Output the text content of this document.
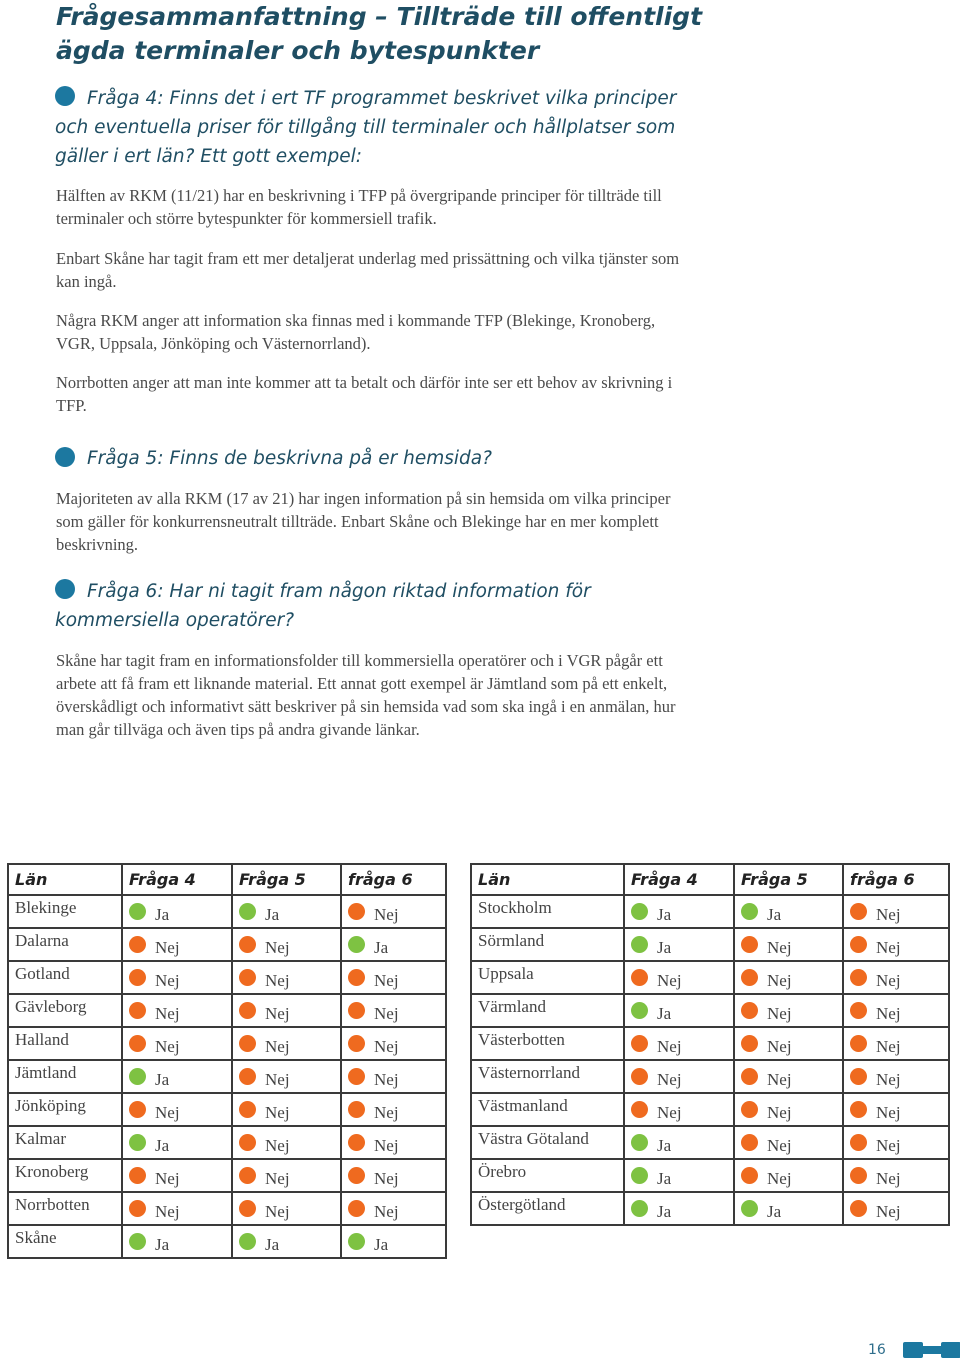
Frågesammanfattning – Tillträde till offentligt ägda terminaler och bytespunkter

Fråga 4: Finns det i ert TF programmet beskrivet vilka principer och eventuella priser för tillgång till terminaler och hållplatser som gäller i ert län? Ett gott exempel:

Hälften av RKM (11/21) har en beskrivning i TFP på övergripande principer för tillträde till terminaler och större bytespunkter för kommersiell trafik.

Enbart Skåne har tagit fram ett mer detaljerat underlag med prissättning och vilka tjänster som kan ingå.

Några RKM anger att information ska finnas med i kommande TFP (Blekinge, Kronoberg, VGR, Uppsala, Jönköping och Västernorrland).

Norrbotten anger att man inte kommer att ta betalt och därför inte ser ett behov av skrivning i TFP.

Fråga 5: Finns de beskrivna på er hemsida?

Majoriteten av alla RKM (17 av 21) har ingen information på sin hemsida om vilka principer som gäller för konkurrensneutralt tillträde. Enbart Skåne och Blekinge har en mer komplett beskrivning.

Fråga 6: Har ni tagit fram någon riktad information för kommersiella operatörer?

Skåne har tagit fram en informationsfolder till kommersiella operatörer och i VGR pågår ett arbete att få fram ett liknande material. Ett annat gott exempel är Jämtland som på ett enkelt, överskådligt och informativt sätt beskriver på sin hemsida vad som ska ingå i en anmälan, hur man går tillväga och även tips på andra givande länkar.

Län	Fråga 4	Fråga 5	fråga 6
Blekinge	Ja	Ja	Nej

Dalarna	Nej	Nej	Ja

Gotland	Nej	Nej	Nej

Gävleborg	Nej	Nej	Nej

Halland	Nej	Nej	Nej

Jämtland	Ja	Nej	Nej

Jönköping	Nej	Nej	Nej

Kalmar	Ja	Nej	Nej

Kronoberg	Nej	Nej	Nej

Norrbotten	Nej	Nej	Nej

Skåne	Ja	Ja	Ja
Län	Fråga 4	Fråga 5	fråga 6
Stockholm	Ja	Ja	Nej

Sörmland	Ja	Nej	Nej

Uppsala	Nej	Nej	Nej

Värmland	Ja	Nej	Nej

Västerbotten	Nej	Nej	Nej

Västernorrland	Nej	Nej	Nej

Västmanland	Nej	Nej	Nej

Västra Götaland	Ja	Nej	Nej

Örebro	Ja	Nej	Nej

Östergötland	Ja	Ja	Nej
16
